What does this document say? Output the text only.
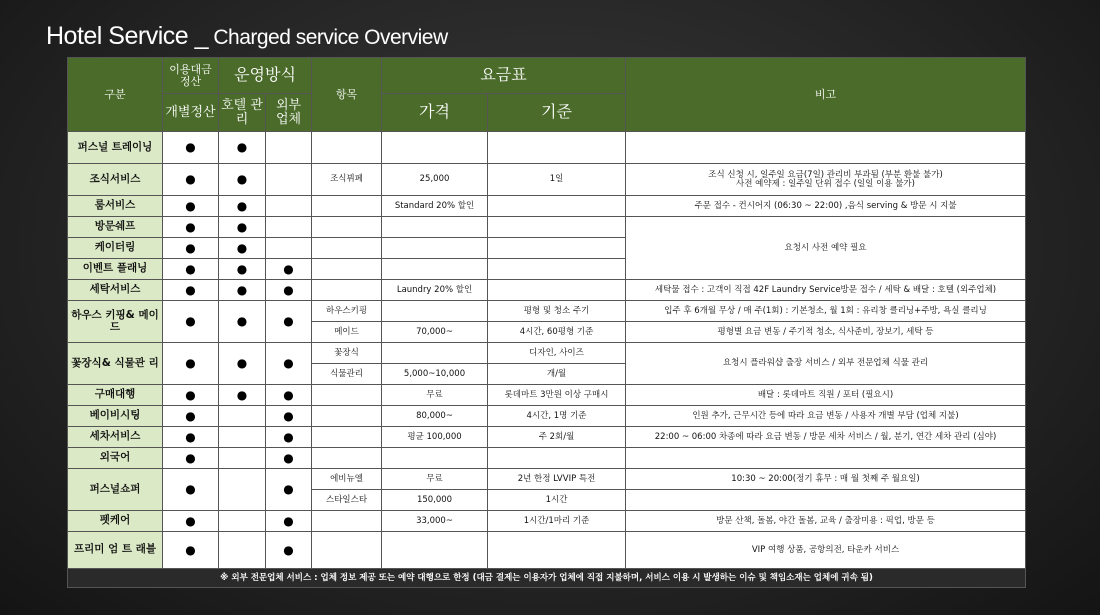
Hotel Service _ Charged service Overview
구분	이용대금 정산	운영방식		항목	요금표		비고
	개별정산	호텔 관리	외부 업체		가격	기준	
퍼스널 트레이닝	●	●					
조식서비스	●	●		조식뷔페	25,000	1일	조식 신청 시, 일주일 요금(7일) 관리비 부과됨 (부분 환불 불가)
사전 예약제 : 일주일 단위 접수 (일일 이용 불가)

룸서비스	●	●			Standard 20% 할인		주문 접수 - 컨시어지 (06:30 ~ 22:00) ,음식 serving & 방문 시 지불
방문쉐프	●	●					요청시 사전 예약 필요
케이터링	●	●					
이벤트 플래닝	●	●	●				
세탁서비스	●	●	●		Laundry 20% 할인		세탁물 접수 : 고객이 직접 42F Laundry Service방문 접수 / 세탁 & 배달 : 호텔 (외주업체)
하우스 키핑& 메이드	●	●	●	하우스키핑		평형 및 청소 주기	입주 후 6개월 무상 / 매 주(1회) : 기본청소, 월 1회 : 유리창 클리닝+주방, 욕실 클리닝
				메이드	70,000~	4시간, 60평형 기준	평형별 요금 변동 / 주기적 청소, 식사준비, 장보기, 세탁 등
꽃장식& 식물관 리	●	●	●	꽃장식		디자인, 사이즈	요청시 플라워샵 출장 서비스 / 외부 전문업체 식물 관리
				식물관리	5,000~10,000	개/월	
구매대행	●	●	●		무료	롯데마트 3만원 이상 구매시	배달 : 롯데마트 직원 / 포터 (필요시)
베이비시팅	●		●		80,000~	4시간, 1명 기준	인원 추가, 근무시간 등에 따라 요금 변동 / 사용자 개별 부담 (업체 지불)
세차서비스	●		●		평균 100,000	주 2회/월	22:00 ~ 06:00 차종에 따라 요금 변동 / 방문 세차 서비스 / 월, 분기, 연간 세차 관리 (심야)
외국어	●		●				
퍼스널쇼퍼	●		●	에비뉴엘	무료	2년 한정 LVVIP 특전	10:30 ~ 20:00(정기 휴무 : 매 월 첫째 주 월요일)
				스타일스타	150,000	1시간	
펫케어	●		●		33,000~	1시간/1마리 기준	방문 산책, 돌봄, 야간 돌봄, 교육 / 출장미용 : 픽업, 방문 등
프리미 엄 트 래블	●		●				VIP 여행 상품, 공항의전, 타운카 서비스
※ 외부 전문업체 서비스 : 업체 정보 제공 또는 예약 대행으로 한정 (대금 결제는 이용자가 업체에 직접 지불하며, 서비스 이용 시 발생하는 이슈 및 책임소재는 업체에 귀속 됨)							
